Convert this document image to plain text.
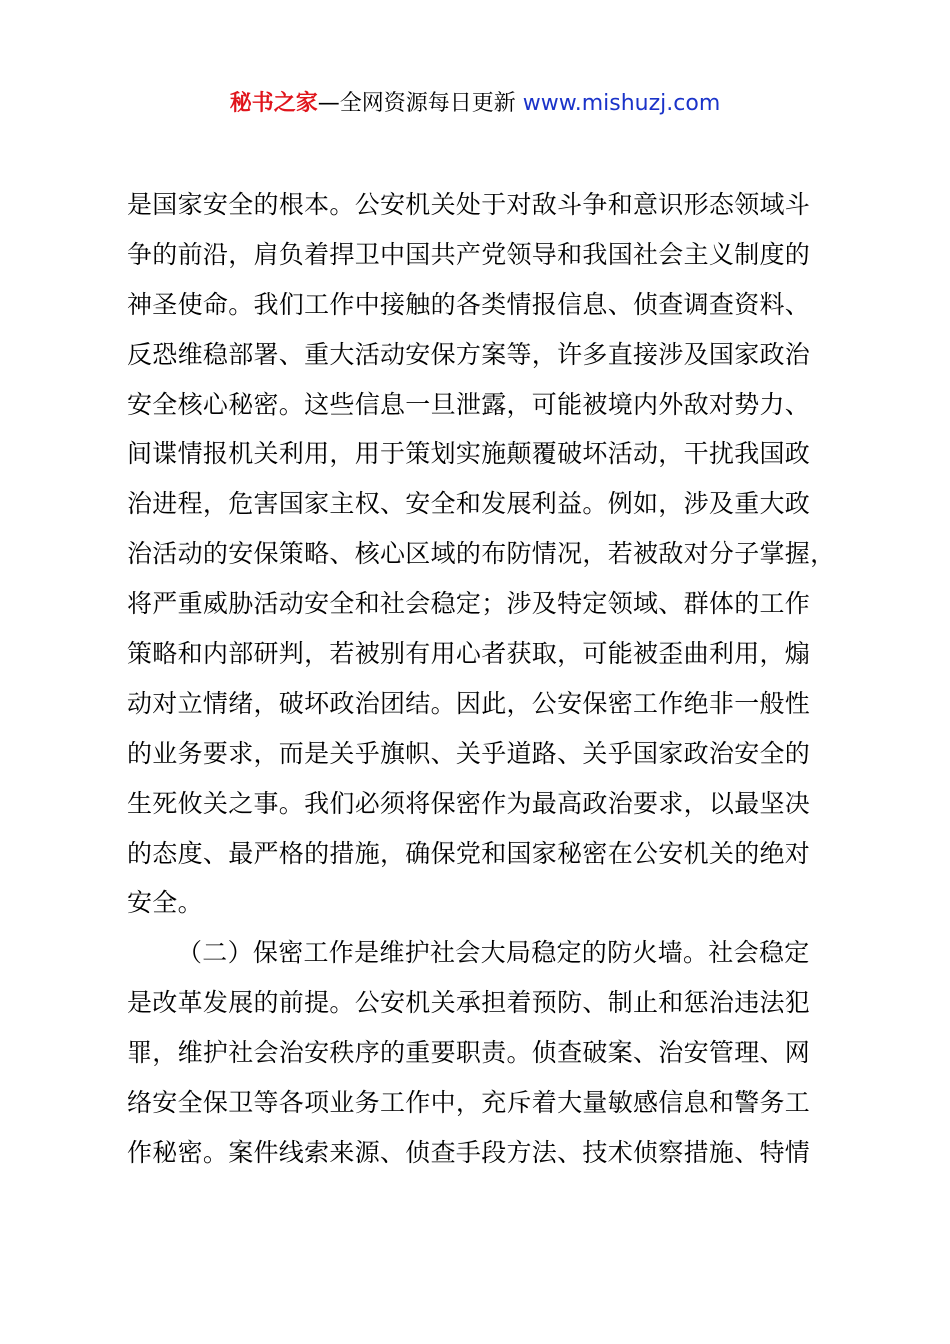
秘书之家—全网资源每日更新 www.mishuzj.com
是国家安全的根本。公安机关处于对敌斗争和意识形态领域斗
争的前沿，肩负着捍卫中国共产党领导和我国社会主义制度的
神圣使命。我们工作中接触的各类情报信息、侦查调查资料、
反恐维稳部署、重大活动安保方案等，许多直接涉及国家政治
安全核心秘密。这些信息一旦泄露，可能被境内外敌对势力、
间谍情报机关利用，用于策划实施颠覆破坏活动，干扰我国政
治进程，危害国家主权、安全和发展利益。例如，涉及重大政
治活动的安保策略、核心区域的布防情况，若被敌对分子掌握，
将严重威胁活动安全和社会稳定；涉及特定领域、群体的工作
策略和内部研判，若被别有用心者获取，可能被歪曲利用，煽
动对立情绪，破坏政治团结。因此，公安保密工作绝非一般性
的业务要求，而是关乎旗帜、关乎道路、关乎国家政治安全的
生死攸关之事。我们必须将保密作为最高政治要求，以最坚决
的态度、最严格的措施，确保党和国家秘密在公安机关的绝对
安全。
（二）保密工作是维护社会大局稳定的防火墙。社会稳定
是改革发展的前提。公安机关承担着预防、制止和惩治违法犯
罪，维护社会治安秩序的重要职责。侦查破案、治安管理、网
络安全保卫等各项业务工作中，充斥着大量敏感信息和警务工
作秘密。案件线索来源、侦查手段方法、技术侦察措施、特情
